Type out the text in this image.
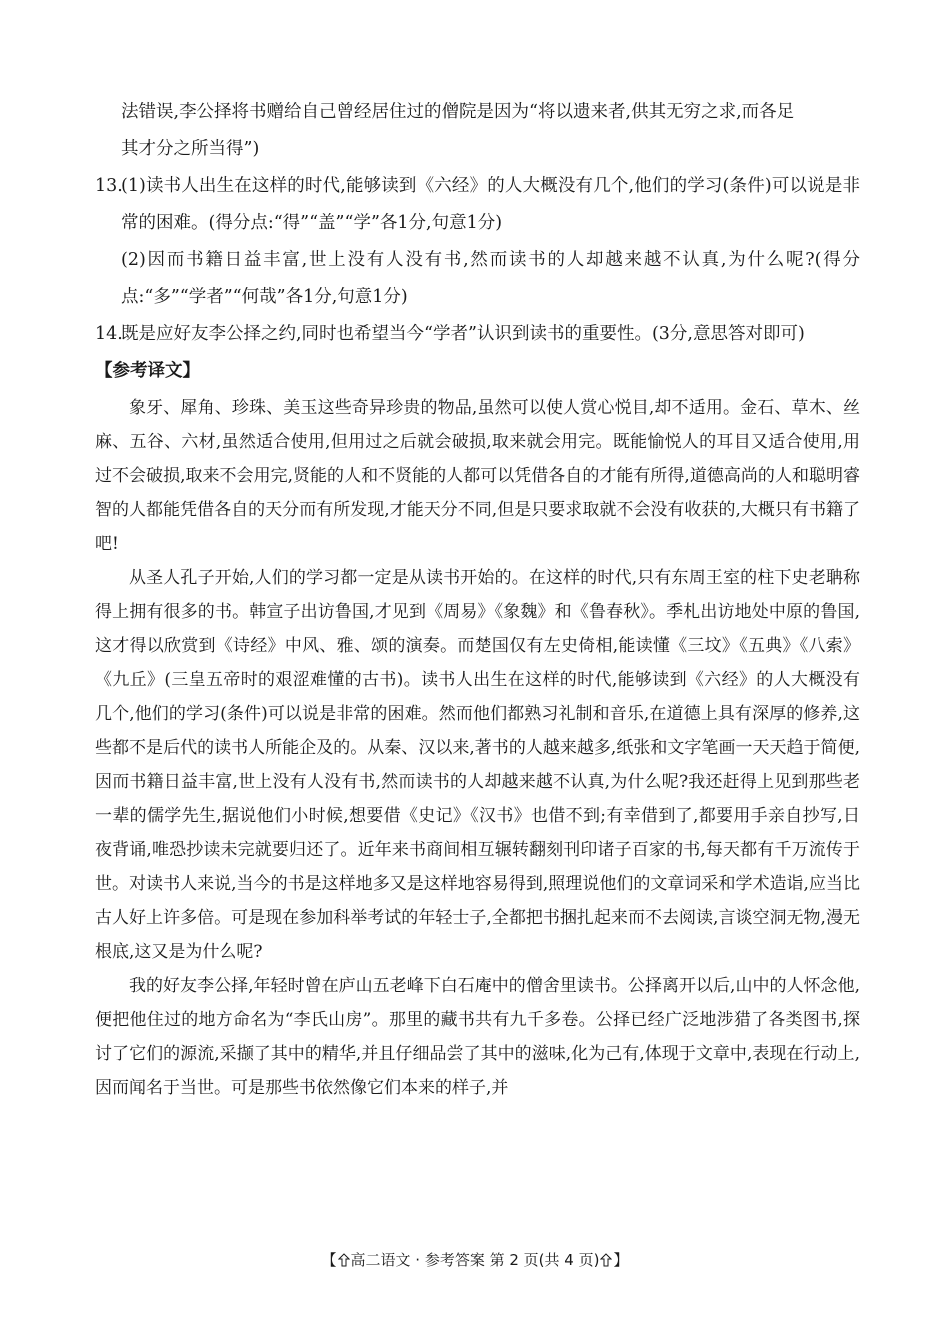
法错误,李公择将书赠给自己曾经居住过的僧院是因为“将以遗来者,供其无穷之求,而各足
其才分之所当得”)

13.

(1)读书人出生在这样的时代,能够读到《六经》的人大概没有几个,他们的学习(条件)可以说是非常的困难。(得分点:“得”“盖”“学”各1分,句意1分)

(2)因而书籍日益丰富,世上没有人没有书,然而读书的人却越来越不认真,为什么呢?(得分点:“多”“学者”“何哉”各1分,句意1分)

14.

既是应好友李公择之约,同时也希望当今“学者”认识到读书的重要性。(3分,意思答对即可)

【参考译文】

象牙、犀角、珍珠、美玉这些奇异珍贵的物品,虽然可以使人赏心悦目,却不适用。金石、草木、丝麻、五谷、六材,虽然适合使用,但用过之后就会破损,取来就会用完。既能愉悦人的耳目又适合使用,用过不会破损,取来不会用完,贤能的人和不贤能的人都可以凭借各自的才能有所得,道德高尚的人和聪明睿智的人都能凭借各自的天分而有所发现,才能天分不同,但是只要求取就不会没有收获的,大概只有书籍了吧!

从圣人孔子开始,人们的学习都一定是从读书开始的。在这样的时代,只有东周王室的柱下史老聃称得上拥有很多的书。韩宣子出访鲁国,才见到《周易》《象魏》和《鲁春秋》。季札出访地处中原的鲁国,这才得以欣赏到《诗经》中风、雅、颂的演奏。而楚国仅有左史倚相,能读懂《三坟》《五典》《八索》《九丘》(三皇五帝时的艰涩难懂的古书)。读书人出生在这样的时代,能够读到《六经》的人大概没有几个,他们的学习(条件)可以说是非常的困难。然而他们都熟习礼制和音乐,在道德上具有深厚的修养,这些都不是后代的读书人所能企及的。从秦、汉以来,著书的人越来越多,纸张和文字笔画一天天趋于简便,因而书籍日益丰富,世上没有人没有书,然而读书的人却越来越不认真,为什么呢?我还赶得上见到那些老一辈的儒学先生,据说他们小时候,想要借《史记》《汉书》也借不到;有幸借到了,都要用手亲自抄写,日夜背诵,唯恐抄读未完就要归还了。近年来书商间相互辗转翻刻刊印诸子百家的书,每天都有千万流传于世。对读书人来说,当今的书是这样地多又是这样地容易得到,照理说他们的文章词采和学术造诣,应当比古人好上许多倍。可是现在参加科举考试的年轻士子,全都把书捆扎起来而不去阅读,言谈空洞无物,漫无根底,这又是为什么呢?

我的好友李公择,年轻时曾在庐山五老峰下白石庵中的僧舍里读书。公择离开以后,山中的人怀念他,便把他住过的地方命名为“李氏山房”。那里的藏书共有九千多卷。公择已经广泛地涉猎了各类图书,探讨了它们的源流,采撷了其中的精华,并且仔细品尝了其中的滋味,化为己有,体现于文章中,表现在行动上,因而闻名于当世。可是那些书依然像它们本来的样子,并

【 高二语文 · 参考答案 第 2 页(共 4 页) 】
